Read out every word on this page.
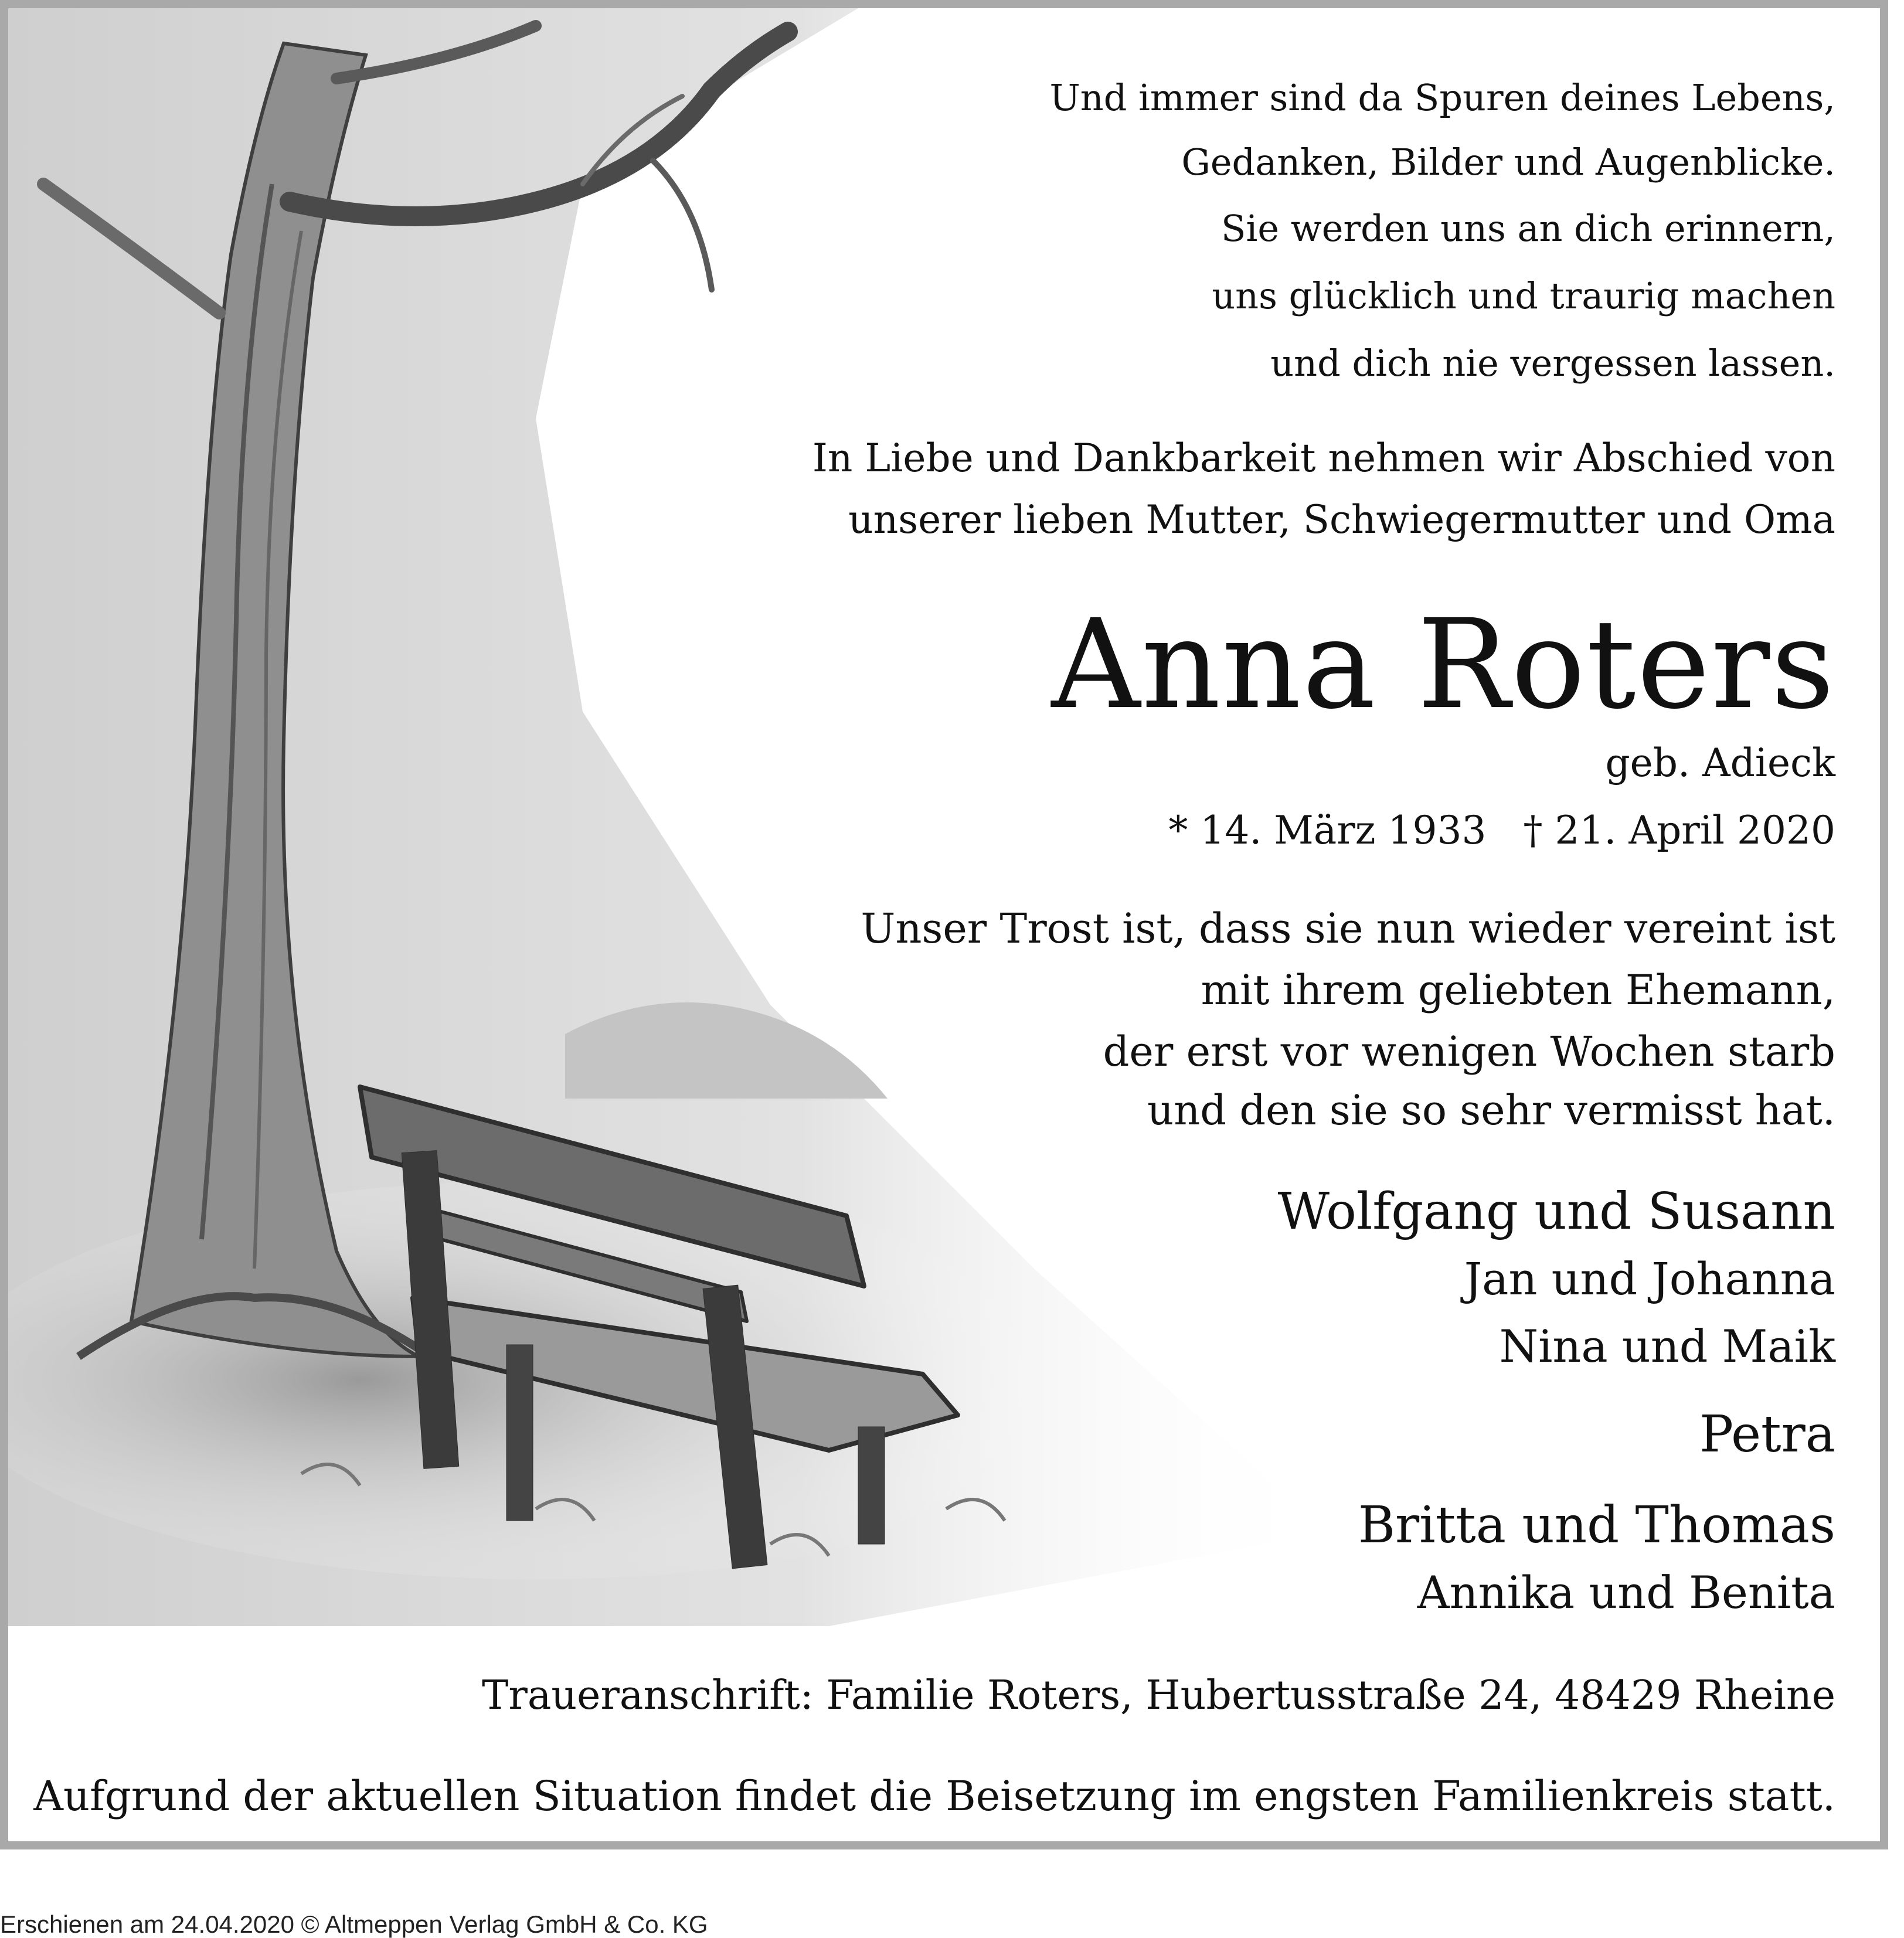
Und immer sind da Spuren deines Lebens,

Gedanken, Bilder und Augenblicke.

Sie werden uns an dich erinnern,

uns glücklich und traurig machen

und dich nie vergessen lassen.

In Liebe und Dankbarkeit nehmen wir Abschied von

unserer lieben Mutter, Schwiegermutter und Oma

Anna Roters

geb. Adieck

* 14. März 1933   † 21. April 2020

Unser Trost ist, dass sie nun wieder vereint ist

mit ihrem geliebten Ehemann,

der erst vor wenigen Wochen starb

und den sie so sehr vermisst hat.

Wolfgang und Susann

Jan und Johanna

Nina und Maik

Petra

Britta und Thomas

Annika und Benita

Traueranschrift: Familie Roters, Hubertusstraße 24, 48429 Rheine

Aufgrund der aktuellen Situation findet die Beisetzung im engsten Familienkreis statt.

Erschienen am 24.04.2020 © Altmeppen Verlag GmbH & Co. KG
